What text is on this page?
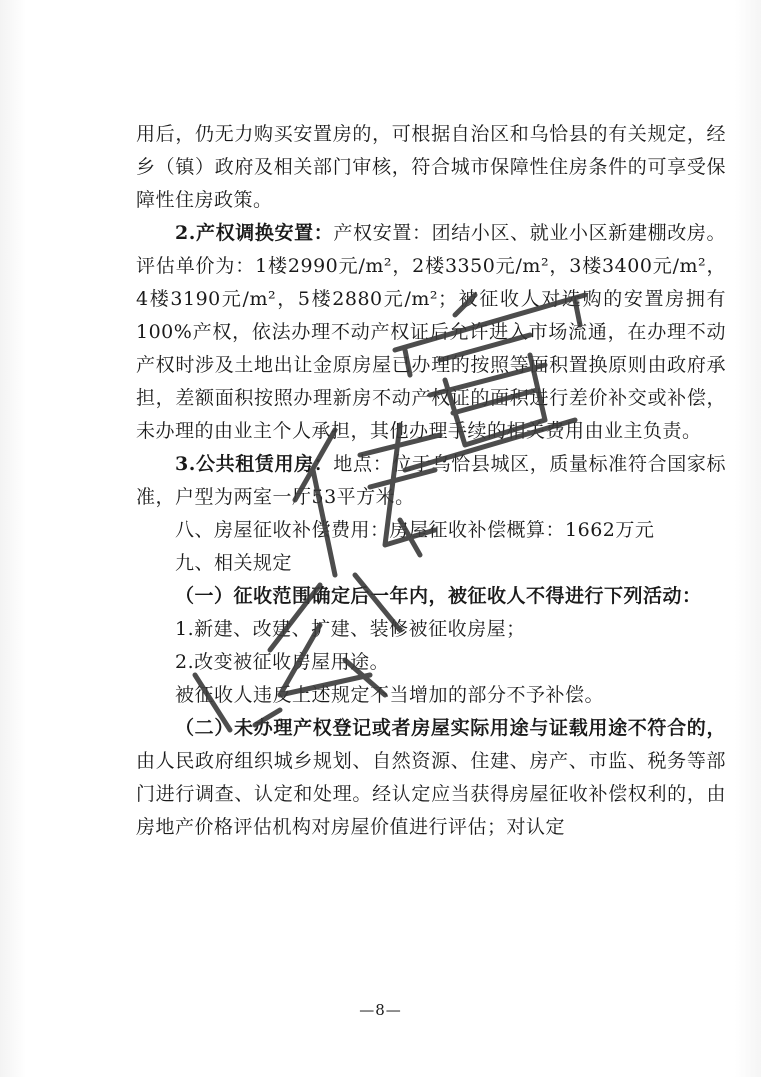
用后，仍无力购买安置房的，可根据自治区和乌恰县的有关规定，经乡（镇）政府及相关部门审核，符合城市保障性住房条件的可享受保障性住房政策。

2.产权调换安置：产权安置：团结小区、就业小区新建棚改房。评估单价为：1楼2990元/m²，2楼3350元/m²，3楼3400元/m²，4楼3190元/m²，5楼2880元/m²；被征收人对选购的安置房拥有100%产权，依法办理不动产权证后允许进入市场流通，在办理不动产权时涉及土地出让金原房屋已办理的按照等面积置换原则由政府承担，差额面积按照办理新房不动产权证的面积进行差价补交或补偿，未办理的由业主个人承担，其他办理手续的相关费用由业主负责。

3.公共租赁用房：地点：位于乌恰县城区，质量标准符合国家标准，户型为两室一厅53平方米。

八、房屋征收补偿费用：房屋征收补偿概算：1662万元

九、相关规定

（一）征收范围确定后一年内，被征收人不得进行下列活动：

1.新建、改建、扩建、装修被征收房屋；

2.改变被征收房屋用途。

被征收人违反上述规定不当增加的部分不予补偿。

（二）未办理产权登记或者房屋实际用途与证载用途不符合的，由人民政府组织城乡规划、自然资源、住建、房产、市监、税务等部门进行调查、认定和处理。经认定应当获得房屋征收补偿权利的，由房地产价格评估机构对房屋价值进行评估；对认定

—8—
